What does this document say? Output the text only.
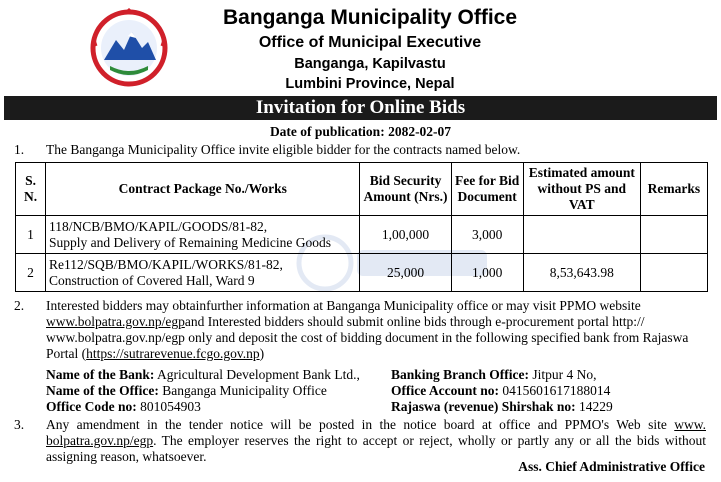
Banganga Municipality Office
Office of Municipal Executive
Banganga, Kapilvastu
Lumbini Province, Nepal
Invitation for Online Bids
Date of publication: 2082-02-07
1. The Banganga Municipality Office invite eligible bidder for the contracts named below.
S. N.	Contract Package No./Works	Bid Security Amount (Nrs.)	Fee for Bid Document	Estimated amount without PS and VAT	Remarks
1	118/NCB/BMO/KAPIL/GOODS/81-82,
Supply and Delivery of Remaining Medicine Goods	1,00,000	3,000		
2	Re112/SQB/BMO/KAPIL/WORKS/81-82,
Construction of Covered Hall, Ward 9	25,000	1,000	8,53,643.98	
2.	Interested bidders may obtainfurther information at Banganga Municipality office or may visit PPMO website www.bolpatra.gov.np/egpand Interested bidders should submit online bids through e-procurement portal http:// www.bolpatra.gov.np/egp only and deposit the cost of bidding document in the following specified bank from Rajaswa Portal (https://sutrarevenue.fcgo.gov.np)
Name of the Bank: Agricultural Development Bank Ltd., Banking Branch Office: Jitpur 4 No,
Name of the Office: Banganga Municipality Office	Office Account no: 0415601617188014
Office Code no: 801054903	Rajaswa (revenue) Shirshak no: 14229
3.	Any amendment in the tender notice will be posted in the notice board at office and PPMO's Web site www. bolpatra.gov.np/egp. The employer reserves the right to accept or reject, wholly or partly any or all the bids without assigning reason, whatsoever.
Ass. Chief Administrative Office
